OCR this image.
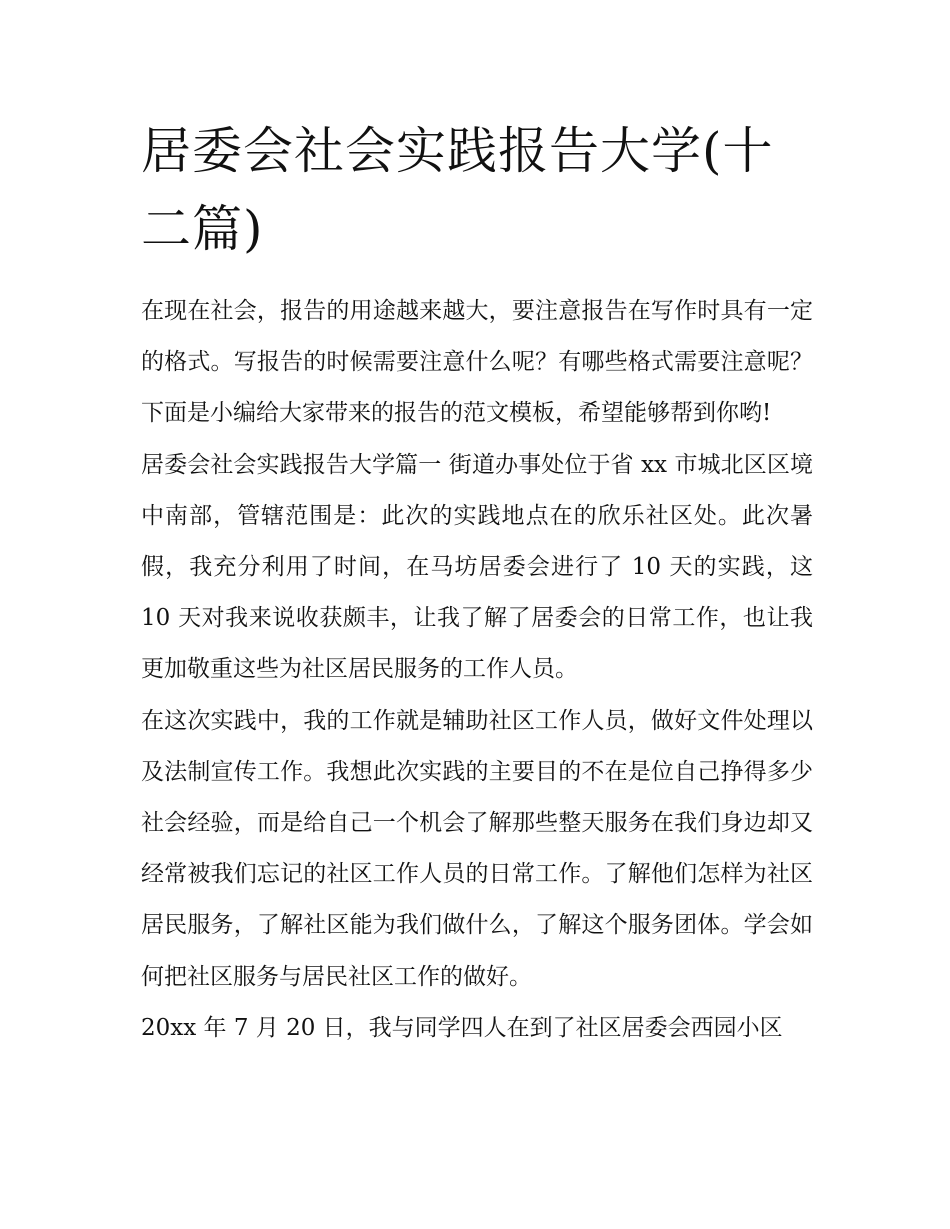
居委会社会实践报告大学(十二篇)

在现在社会，报告的用途越来越大，要注意报告在写作时具有一定的格式。写报告的时候需要注意什么呢？有哪些格式需要注意呢？下面是小编给大家带来的报告的范文模板，希望能够帮到你哟!

居委会社会实践报告大学篇一 街道办事处位于省 xx 市城北区区境中南部，管辖范围是：此次的实践地点在的欣乐社区处。此次暑假，我充分利用了时间，在马坊居委会进行了 10 天的实践，这 10 天对我来说收获颇丰，让我了解了居委会的日常工作，也让我更加敬重这些为社区居民服务的工作人员。

在这次实践中，我的工作就是辅助社区工作人员，做好文件处理以及法制宣传工作。我想此次实践的主要目的不在是位自己挣得多少社会经验，而是给自己一个机会了解那些整天服务在我们身边却又经常被我们忘记的社区工作人员的日常工作。了解他们怎样为社区居民服务，了解社区能为我们做什么，了解这个服务团体。学会如何把社区服务与居民社区工作的做好。

20xx 年 7 月 20 日，我与同学四人在到了社区居委会西园小区
